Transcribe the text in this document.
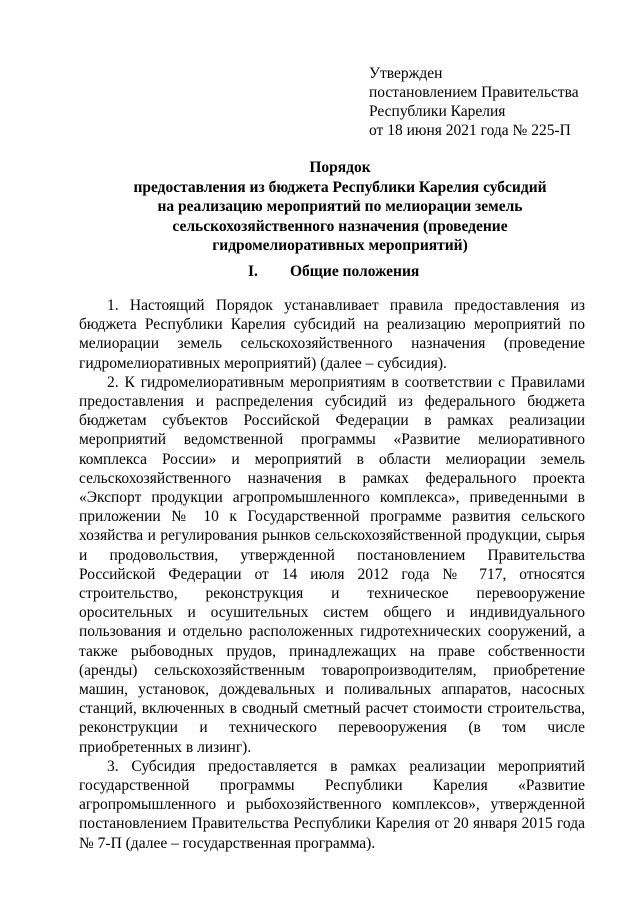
Утвержден
постановлением Правительства
Республики Карелия
от 18 июня 2021 года № 225-П
Порядок
предоставления из бюджета Республики Карелия субсидий
на реализацию мероприятий по мелиорации земель
сельскохозяйственного назначения (проведение
гидромелиоративных мероприятий)
I. Общие положения

1. Настоящий Порядок устанавливает правила предоставления из бюджета Республики Карелия субсидий на реализацию мероприятий по мелиорации земель сельскохозяйственного назначения (проведение гидромелиоративных мероприятий) (далее – субсидия).

2. К гидромелиоративным мероприятиям в соответствии с Правилами предоставления и распределения субсидий из федерального бюджета бюджетам субъектов Российской Федерации в рамках реализации мероприятий ведомственной программы «Развитие мелиоративного комплекса России» и мероприятий в области мелиорации земель сельскохозяйственного назначения в рамках федерального проекта «Экспорт продукции агропромышленного комплекса», приведенными в приложении № 10 к Государственной программе развития сельского хозяйства и регулирования рынков сельскохозяйственной продукции, сырья и продовольствия, утвержденной постановлением Правительства Российской Федерации от 14 июля 2012 года № 717, относятся строительство, реконструкция и техническое перевооружение оросительных и осушительных систем общего и индивидуального пользования и отдельно расположенных гидротехнических сооружений, а также рыбоводных прудов, принадлежащих на праве собственности (аренды) сельскохозяйственным товаропроизводителям, приобретение машин, установок, дождевальных и поливальных аппаратов, насосных станций, включенных в сводный сметный расчет стоимости строительства, реконструкции и технического перевооружения (в том числе приобретенных в лизинг).

3. Субсидия предоставляется в рамках реализации мероприятий государственной программы Республики Карелия «Развитие агропромышленного и рыбохозяйственного комплексов», утвержденной постановлением Правительства Республики Карелия от 20 января 2015 года № 7-П (далее – государственная программа).
